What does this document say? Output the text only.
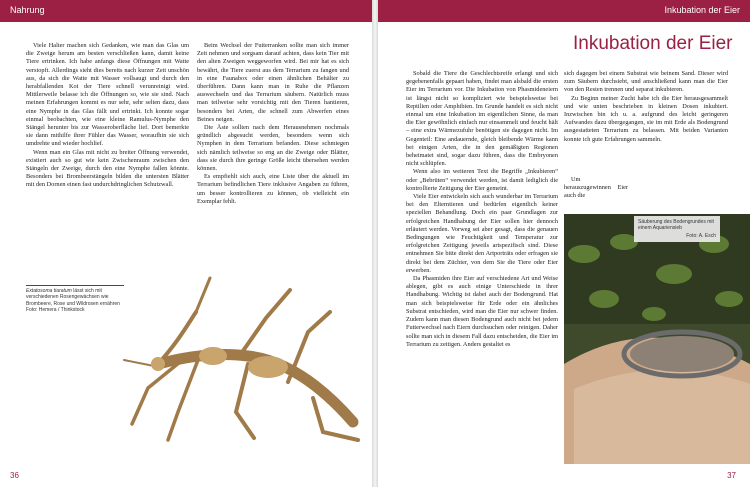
Nahrung

Viele Halter machen sich Gedanken, wie man das Glas um die Zweige herum am besten verschließen kann, damit keine Tiere ertrinken. Ich habe anfangs diese Öffnungen mit Watte verstopft. Allerdings sieht dies bereits nach kurzer Zeit unschön aus, da sich die Watte mit Wasser vollsaugt und durch den herabfallenden Kot der Tiere schnell verunreinigt wird. Mittlerweile belasse ich die Öffnungen so, wie sie sind. Nach meinen Erfahrungen kommt es nur sehr, sehr selten dazu, dass eine Nymphe in das Glas fällt und ertrinkt. Ich konnte sogar einmal beobachten, wie eine kleine Ramulus-Nymphe den Stängel herunter bis zur Wasseroberfläche lief. Dort bemerkte sie dann mithilfe ihrer Fühler das Wasser, woraufhin sie sich umdrehte und wieder hochlief.

Wenn man ein Glas mit nicht zu breiter Öffnung verwendet, existiert auch so gut wie kein Zwischenraum zwischen den Stängeln der Zweige, durch den eine Nymphe fallen könnte. Besonders bei Brombeerstängeln bilden die untersten Blätter mit den Dornen einen fast undurchdringlichen Schutzwall.

Beim Wechsel der Futterranken sollte man sich immer Zeit nehmen und sorgsam darauf achten, dass kein Tier mit den alten Zweigen weggeworfen wird. Bei mir hat es sich bewährt, die Tiere zuerst aus dem Terrarium zu fangen und in eine Faunabox oder einen ähnlichen Behälter zu überführen. Dann kann man in Ruhe die Pflanzen auswechseln und das Terrarium säubern. Natürlich muss man teilweise sehr vorsichtig mit den Tieren hantieren, besonders bei Arten, die schnell zum Abwerfen eines Beines neigen.

Die Äste sollten nach dem Herausnehmen nochmals gründlich abgesucht werden, besonders wenn sich Nymphen in dem Terrarium befanden. Diese schmiegen sich nämlich teilweise so eng an die Zweige oder Blätter, dass sie durch ihre geringe Größe leicht übersehen werden können.

Es empfiehlt sich auch, eine Liste über die aktuell im Terrarium befindlichen Tiere inklusive Angaben zu führen, um besser kontrollieren zu können, ob vielleicht ein Exemplar fehlt.

Extatosoma tiaratum lässt sich mit verschiedenen Rosengewächsen wie Brombeere, Rose und Wildrosen ernähren
Foto: Hemera / Thinkstock
36
Inkubation der Eier
Inkubation der Eier

Sobald die Tiere die Geschlechtsreife erlangt und sich gegebenenfalls gepaart haben, findet man alsbald die ersten Eier im Terrarium vor. Die Inkubation von Phasmideneiern ist längst nicht so kompliziert wie beispielsweise bei Reptilien oder Amphibien. Im Grunde handelt es sich nicht einmal um eine Inkubation im eigentlichen Sinne, da man die Eier gewöhnlich einfach nur einsammelt und feucht hält – eine extra Wärmezufuhr benötigen sie dagegen nicht. Im Gegenteil: Eine andauernde, gleich bleibende Wärme kann bei einigen Arten, die in den gemäßigten Regionen beheimatet sind, sogar dazu führen, dass die Embryonen nicht schlüpfen.

Wenn also im weiteren Text die Begriffe „Inkubieren“ oder „Bebrüten“ verwendet werden, ist damit lediglich die kontrollierte Zeitigung der Eier gemeint.

Viele Eier entwickeln sich auch wunderbar im Terrarium bei den Elterntieren und bedürfen eigentlich keiner speziellen Behandlung. Doch ein paar Grundlagen zur erfolgreichen Handhabung der Eier sollen hier dennoch erläutert werden. Vorweg sei aber gesagt, dass die genauen Bedingungen wie Feuchtigkeit und Temperatur zur erfolgreichen Zeitigung jeweils artspezifisch sind. Diese entnehmen Sie bitte direkt den Artporträts oder erfragen sie direkt bei dem Züchter, von dem Sie die Tiere oder Eier erwerben.

Da Phasmiden ihre Eier auf verschiedene Art und Weise ablegen, gibt es auch einige Unterschiede in ihrer Handhabung. Wichtig ist dabei auch der Bodengrund. Hat man sich beispielsweise für Erde oder ein ähnliches Substrat entschieden, wird man die Eier nur schwer finden. Zudem kann man diesen Bodengrund auch nicht bei jedem Futterwechsel nach Eiern durchsuchen oder reinigen. Daher sollte man sich in diesem Fall dazu entscheiden, die Eier im Terrarium zu zeitigen. Anders gestaltet es

sich dagegen bei einem Substrat wie beinem Sand. Dieser wird zum Säubern durchsiebt, und anschließend kann man die Eier von den Resten trennen und separat inkubieren.

Zu Beginn meiner Zucht habe ich die Eier herausgesammelt und wie unten beschrieben in kleinen Dosen inkubiert. Inzwischen bin ich u. a. aufgrund des leicht geringeren Aufwandes dazu übergegangen, sie im mit Erde als Bodengrund ausgestatteten Terrarium zu belassen. Mit beiden Varianten konnte ich gute Erfahrungen sammeln.

Um herauszugewinnen Eier auch die

Säuberung des Bodengrundes mit einem Aquariensieb
Foto: A. Esch
37
